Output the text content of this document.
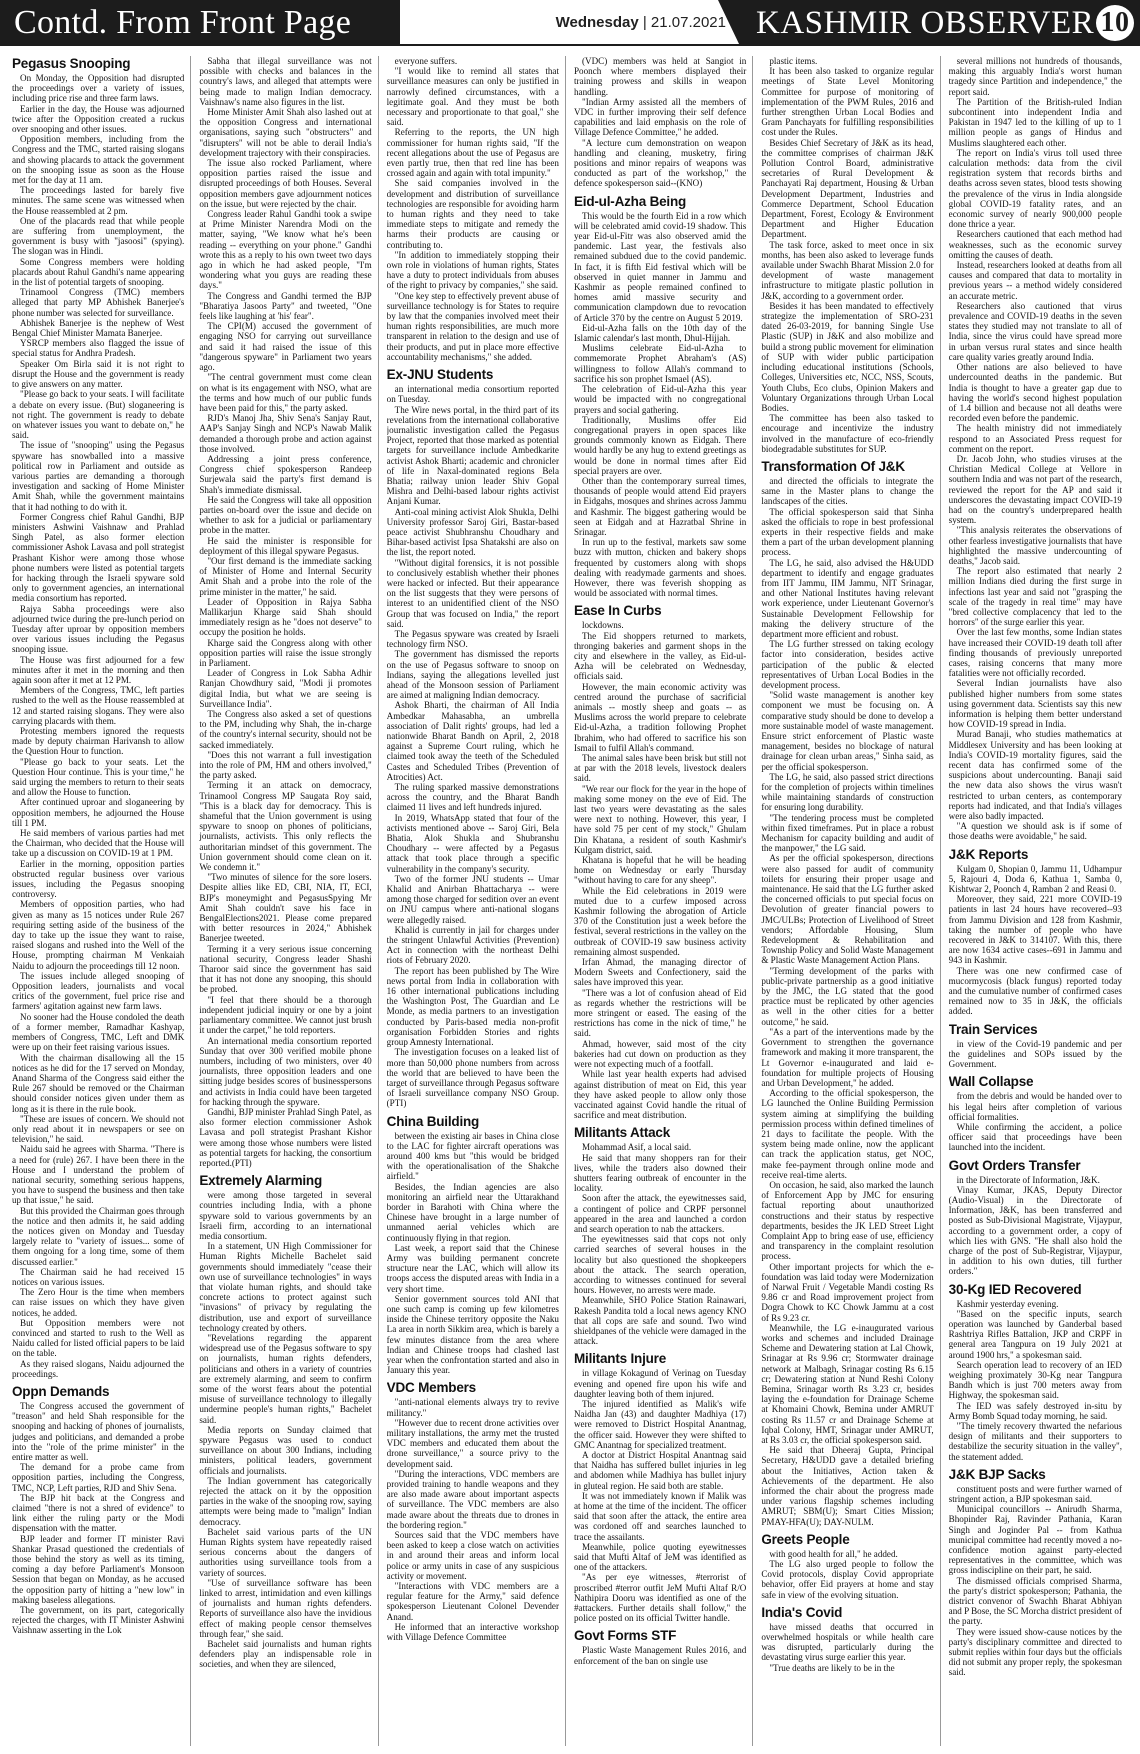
Contd. From Front Page	Wednesday | 21.07.2021 KASHMIR OBSERVER 10
Pegasus Snooping

On Monday, the Opposition had disrupted the proceedings over a variety of issues, including price rise and three farm laws.

Earlier in the day, the House was adjourned twice after the Opposition created a ruckus over snooping and other issues.

Opposition members, including from the Congress and the TMC, started raising slogans and showing placards to attack the government on the snooping issue as soon as the House met for the day at 11 am.

The proceedings lasted for barely five minutes. The same scene was witnessed when the House reassembled at 2 pm.

One of the placards read that while people are suffering from unemployment, the government is busy with "jasoosi" (spying). The slogan was in Hindi.

Some Congress members were holding placards about Rahul Gandhi's name appearing in the list of potential targets of snooping.

Trinamool Congress (TMC) members alleged that party MP Abhishek Banerjee's phone number was selected for surveillance.

Abhishek Banerjee is the nephew of West Bengal Chief Minister Mamata Banerjee.

YSRCP members also flagged the issue of special status for Andhra Pradesh.

Speaker Om Birla said it is not right to disrupt the House and the government is ready to give answers on any matter.

"Please go back to your seats. I will facilitate a debate on every issue. (But) sloganeering is not right. The government is ready to debate on whatever issues you want to debate on," he said.

The issue of "snooping" using the Pegasus spyware has snowballed into a massive political row in Parliament and outside as various parties are demanding a thorough investigation and sacking of Home Minister Amit Shah, while the government maintains that it had nothing to do with it.

Former Congress chief Rahul Gandhi, BJP ministers Ashwini Vaishnaw and Prahlad Singh Patel, as also former election commissioner Ashok Lavasa and poll strategist Prashant Kishor were among those whose phone numbers were listed as potential targets for hacking through the Israeli spyware sold only to government agencies, an international media consortium has reported.

Rajya Sabha proceedings were also adjourned twice during the pre-lunch period on Tuesday after uproar by opposition members over various issues including the Pegasus snooping issue.

The House was first adjourned for a few minutes after it met in the morning and then again soon after it met at 12 PM.

Members of the Congress, TMC, left parties rushed to the well as the House reassembled at 12 and started raising slogans. They were also carrying placards with them.

Protesting members ignored the requests made by deputy chairman Harivansh to allow the Question Hour to function.

"Please go back to your seats. Let the Question Hour continue. This is your time," he said urging the members to return to their seats and allow the House to function.

After continued uproar and sloganeering by opposition members, he adjourned the House till 1 PM.

He said members of various parties had met the Chairman, who decided that the House will take up a discussion on COVID-19 at 1 PM.

Earlier in the morning, opposition parties obstructed regular business over various issues, including the Pegasus snooping controversy.

Members of opposition parties, who had given as many as 15 notices under Rule 267 requiring setting aside of the business of the day to take up the issue they want to raise, raised slogans and rushed into the Well of the House, prompting chairman M Venkaiah Naidu to adjourn the proceedings till 12 noon.

The issues include alleged snooping of Opposition leaders, journalists and vocal critics of the government, fuel price rise and farmers' agitation against new farm laws.

No sooner had the House condoled the death of a former member, Ramadhar Kashyap, members of Congress, TMC, Left and DMK were up on their feet raising various issues.

With the chairman disallowing all the 15 notices as he did for the 17 served on Monday, Anand Sharma of the Congress said either the Rule 267 should be removed or the Chairman should consider notices given under them as long as it is there in the rule book.

"These are issues of concern. We should not only read about it in newspapers or see on television," he said.

Naidu said he agrees with Sharma. "There is a need for (rule) 267. I have been there in the House and I understand the problem of national security, something serious happens, you have to suspend the business and then take up that issue," he said.

But this provided the Chairman goes through the notice and then admits it, he said adding the notices given on Monday and Tuesday largely relate to "variety of issues... some of them ongoing for a long time, some of them discussed earlier."

The Chairman said he had received 15 notices on various issues.

The Zero Hour is the time when members can raise issues on which they have given notices, he added.

But Opposition members were not convinced and started to rush to the Well as Naidu called for listed official papers to be laid on the table.

As they raised slogans, Naidu adjourned the proceedings.

Oppn Demands

The Congress accused the government of "treason" and held Shah responsible for the snooping and hacking of phones of journalists, judges and politicians, and demanded a probe into the "role of the prime minister" in the entire matter as well.

The demand for a probe came from opposition parties, including the Congress, TMC, NCP, Left parties, RJD and Shiv Sena.

The BJP hit back at the Congress and claimed "there is not a shred of evidence" to link either the ruling party or the Modi dispensation with the matter.

BJP leader and former IT minister Ravi Shankar Prasad questioned the credentials of those behind the story as well as its timing, coming a day before Parliament's Monsoon Session that began on Monday, as he accused the opposition party of hitting a "new low" in making baseless allegations.

The government, on its part, categorically rejected the charges, with IT Minister Ashwini Vaishnaw asserting in the Lok

Sabha that illegal surveillance was not possible with checks and balances in the country's laws, and alleged that attempts were being made to malign Indian democracy. Vaishnaw's name also figures in the list.

Home Minister Amit Shah also lashed out at the opposition Congress and international organisations, saying such "obstructers" and "disrupters" will not be able to derail India's development trajectory with their conspiracies.

The issue also rocked Parliament, where opposition parties raised the issue and disrupted proceedings of both Houses. Several opposition members gave adjournment notices on the issue, but were rejected by the chair.

Congress leader Rahul Gandhi took a swipe at Prime Minister Narendra Modi on the matter, saying, "We know what he's been reading -- everything on your phone." Gandhi wrote this as a reply to his own tweet two days ago in which he had asked people, "I'm wondering what you guys are reading these days."

The Congress and Gandhi termed the BJP "Bharatiya Jasoos Party" and tweeted, "One feels like laughing at 'his' fear".

The CPI(M) accused the government of engaging NSO for carrying out surveillance and said it had raised the issue of this "dangerous spyware" in Parliament two years ago.

"The central government must come clean on what is its engagement with NSO, what are the terms and how much of our public funds have been paid for this," the party asked.

RJD's Manoj Jha, Shiv Sena's Sanjay Raut, AAP's Sanjay Singh and NCP's Nawab Malik demanded a thorough probe and action against those involved.

Addressing a joint press conference, Congress chief spokesperson Randeep Surjewala said the party's first demand is Shah's immediate dismissal.

He said the Congress will take all opposition parties on-board over the issue and decide on whether to ask for a judicial or parliamentary probe in the matter.

He said the minister is responsible for deployment of this illegal spyware Pegasus.

"Our first demand is the immediate sacking of Minister of Home and Internal Security Amit Shah and a probe into the role of the prime minister in the matter," he said.

Leader of Opposition in Rajya Sabha Mallikarjun Kharge said Shah should immediately resign as he "does not deserve" to occupy the position he holds.

Kharge said the Congress along with other opposition parties will raise the issue strongly in Parliament.

Leader of Congress in Lok Sabha Adhir Ranjan Chowdhury said, "Modi ji promotes digital India, but what we are seeing is Surveillance India".

The Congress also asked a set of questions to the PM, including why Shah, the in-charge of the country's internal security, should not be sacked immediately.

"Does this not warrant a full investigation into the role of PM, HM and others involved," the party asked.

Terming it an attack on democracy, Trinamool Congress MP Saugata Roy said, "This is a black day for democracy. This is shameful that the Union government is using spyware to snoop on phones of politicians, journalists, activists. This only reflects the authoritarian mindset of this government. The Union government should come clean on it. We condemn it."

"Two minutes of silence for the sore losers. Despite allies like ED, CBI, NIA, IT, ECI, BJP's moneymight and PegasusSpying Mr Amit Shah couldn't save his face in BengalElections2021. Please come prepared with better resources in 2024," Abhishek Banerjee tweeted.

Terming it a very serious issue concerning national security, Congress leader Shashi Tharoor said since the government has said that it has not done any snooping, this should be probed.

"I feel that there should be a thorough independent judicial inquiry or one by a joint parliamentary committee. We cannot just brush it under the carpet," he told reporters.

An international media consortium reported Sunday that over 300 verified mobile phone numbers, including of two ministers, over 40 journalists, three opposition leaders and one sitting judge besides scores of businesspersons and activists in India could have been targeted for hacking through the spyware.

Gandhi, BJP minister Prahlad Singh Patel, as also former election commissioner Ashok Lavasa and poll strategist Prashant Kishor were among those whose numbers were listed as potential targets for hacking, the consortium reported.(PTI)

Extremely Alarming

were among those targeted in several countries including India, with a phone spyware sold to various governments by an Israeli firm, according to an international media consortium.

In a statement, UN High Commissioner for Human Rights Michelle Bachelet said governments should immediately "cease their own use of surveillance technologies" in ways that violate human rights, and should take concrete actions to protect against such "invasions" of privacy by regulating the distribution, use and export of surveillance technology created by others.

"Revelations regarding the apparent widespread use of the Pegasus software to spy on journalists, human rights defenders, politicians and others in a variety of countries are extremely alarming, and seem to confirm some of the worst fears about the potential misuse of surveillance technology to illegally undermine people's human rights," Bachelet said.

Media reports on Sunday claimed that spyware Pegasus was used to conduct surveillance on about 300 Indians, including ministers, political leaders, government officials and journalists.

The Indian government has categorically rejected the attack on it by the opposition parties in the wake of the snooping row, saying attempts were being made to "malign" Indian democracy.

Bachelet said various parts of the UN Human Rights system have repeatedly raised serious concerns about the dangers of authorities using surveillance tools from a variety of sources.

"Use of surveillance software has been linked to arrest, intimidation and even killings of journalists and human rights defenders. Reports of surveillance also have the invidious effect of making people censor themselves through fear," she said.

Bachelet said journalists and human rights defenders play an indispensable role in societies, and when they are silenced,

everyone suffers.

"I would like to remind all states that surveillance measures can only be justified in narrowly defined circumstances, with a legitimate goal. And they must be both necessary and proportionate to that goal," she said.

Referring to the reports, the UN high commissioner for human rights said, "If the recent allegations about the use of Pegasus are even partly true, then that red line has been crossed again and again with total impunity."

She said companies involved in the development and distribution of surveillance technologies are responsible for avoiding harm to human rights and they need to take immediate steps to mitigate and remedy the harms their products are causing or contributing to.

"In addition to immediately stopping their own role in violations of human rights, States have a duty to protect individuals from abuses of the right to privacy by companies," she said.

"One key step to effectively prevent abuse of surveillance technology is for States to require by law that the companies involved meet their human rights responsibilities, are much more transparent in relation to the design and use of their products, and put in place more effective accountability mechanisms," she added.

Ex-JNU Students

an international media consortium reported on Tuesday.

The Wire news portal, in the third part of its revelations from the international collaborative journalistic investigation called the Pegasus Project, reported that those marked as potential targets for surveillance include Ambedkarite activist Ashok Bharti; academic and chronicler of life in Naxal-dominated regions Bela Bhatia; railway union leader Shiv Gopal Mishra and Delhi-based labour rights activist Anjani Kumar.

Anti-coal mining activist Alok Shukla, Delhi University professor Saroj Giri, Bastar-based peace activist Shubhranshu Choudhary and Bihar-based activist Ipsa Shatakshi are also on the list, the report noted.

"Without digital forensics, it is not possible to conclusively establish whether their phones were hacked or infected. But their appearance on the list suggests that they were persons of interest to an unidentified client of the NSO Group that was focused on India," the report said.

The Pegasus spyware was created by Israeli technology firm NSO.

The government has dismissed the reports on the use of Pegasus software to snoop on Indians, saying the allegations levelled just ahead of the Monsoon session of Parliament are aimed at maligning Indian democracy.

Ashok Bharti, the chairman of All India Ambedkar Mahasabha, an umbrella association of Dalit rights' groups, had led a nationwide Bharat Bandh on April, 2, 2018 against a Supreme Court ruling, which he claimed took away the teeth of the Scheduled Castes and Scheduled Tribes (Prevention of Atrocities) Act.

The ruling sparked massive demonstrations across the country, and the Bharat Bandh claimed 11 lives and left hundreds injured.

In 2019, WhatsApp stated that four of the activists mentioned above -- Saroj Giri, Bela Bhatia, Alok Shukla and Shubranshu Choudhary -- were affected by a Pegasus attack that took place through a specific vulnerability in the company's security.

Two of the former JNU students -- Umar Khalid and Anirban Bhattacharya -- were among those charged for sedition over an event on JNU campus where anti-national slogans were allegedly raised.

Khalid is currently in jail for charges under the stringent Unlawful Activities (Prevention) Act in connection with the northeast Delhi riots of February 2020.

The report has been published by The Wire news portal from India in collaboration with 16 other international publications including the Washington Post, The Guardian and Le Monde, as media partners to an investigation conducted by Paris-based media non-profit organisation Forbidden Stories and rights group Amnesty International.

The investigation focuses on a leaked list of more than 50,000 phone numbers from across the world that are believed to have been the target of surveillance through Pegasus software of Israeli surveillance company NSO Group. (PTI)

China Building

between the existing air bases in China close to the LAC for fighter aircraft operations was around 400 kms but "this would be bridged with the operationalisation of the Shakche airfield."

Besides, the Indian agencies are also monitoring an airfield near the Uttarakhand border in Barahoti with China where the Chinese have brought in a large number of unmanned aerial vehicles which are continuously flying in that region.

Last week, a report said that the Chinese Army was building permanent concrete structure near the LAC, which will allow its troops access the disputed areas with India in a very short time.

Senior government sources told ANI that one such camp is coming up few kilometres inside the Chinese territory opposite the Naku La area in north Sikkim area, which is barely a few minutes distance from the area where Indian and Chinese troops had clashed last year when the confrontation started and also in January this year.

VDC Members

"anti-national elements always try to revive militancy."

"However due to recent drone activities over military installations, the army met the trusted VDC members and educated them about the drone surveillance," a source privy to the development said.

"During the interactions, VDC members are provided training to handle weapons and they are also made aware about important aspects of surveillance. The VDC members are also made aware about the threats due to drones in the bordering region."

Sources said that the VDC members have been asked to keep a close watch on activities in and around their areas and inform local police or army units in case of any suspicious activity or movement.

"Interactions with VDC members are a regular feature for the Army," said defence spokesperson Lieutenant Colonel Devender Anand.

He informed that an interactive workshop with Village Defence Committee

(VDC) members was held at Sangiot in Poonch where members displayed their training prowess and skills in weapon handling.

"Indian Army assisted all the members of VDC in further improving their self defence capabilities and laid emphasis on the role of Village Defence Committee," he added.

"A lecture cum demonstration on weapon handling and cleaning, musketry, firing positions and minor repairs of weapons was conducted as part of the workshop," the defence spokesperson said--(KNO)

Eid-ul-Azha Being

This would be the fourth Eid in a row which will be celebrated amid covid-19 shadow. This year Eid-ul-Fitr was also observed amid the pandemic. Last year, the festivals also remained subdued due to the covid pandemic. In fact, it is fifth Eid festival which will be observed in quiet manner in Jammu and Kashmir as people remained confined to homes amid massive security and communication clampdown due to revocation of Article 370 by the centre on August 5 2019.

Eid-ul-Azha falls on the 10th day of the Islamic calendar's last month, Dhul-Hijjah.

Muslims celebrate Eid-ul-Azha to commemorate Prophet Abraham's (AS) willingness to follow Allah's command to sacrifice his son prophet Ismael (AS).

The celebration of Eid-ul-Azha this year would be impacted with no congregational prayers and social gathering.

Traditionally, Muslims offer Eid congregational prayers in open spaces like grounds commonly known as Eidgah. There would hardly be any hug to extend greetings as would be done in normal times after Eid special prayers are over.

Other than the contemporary surreal times, thousands of people would attend Eid prayers in Eidgahs, mosques and shrines across Jammu and Kashmir. The biggest gathering would be seen at Eidgah and at Hazratbal Shrine in Srinagar.

In run up to the festival, markets saw some buzz with mutton, chicken and bakery shops frequented by customers along with shops dealing with readymade garments and shoes. However, there was feverish shopping as would be associated with normal times.

Ease In Curbs

lockdowns.

The Eid shoppers returned to markets, thronging bakeries and garment shops in the city and elsewhere in the valley, as Eid-ul-Azha will be celebrated on Wednesday, officials said.

However, the main economic activity was centred around the purchase of sacrificial animals -- mostly sheep and goats -- as Muslims across the world prepare to celebrate Eid-ul-Azha, a tradition following Prophet Ibrahim, who had offered to sacrifice his son Ismail to fulfil Allah's command.

The animal sales have been brisk but still not at par with the 2018 levels, livestock dealers said.

"We rear our flock for the year in the hope of making some money on the eve of Eid. The last two years were devastating as the sales were next to nothing. However, this year, I have sold 75 per cent of my stock," Ghulam Din Khatana, a resident of south Kashmir's Kulgam district, said.

Khatana is hopeful that he will be heading home on Wednesday or early Thursday "without having to care for any sheep".

While the Eid celebrations in 2019 were muted due to a curfew imposed across Kashmir following the abrogation of Article 370 of the Constitution just a week before the festival, several restrictions in the valley on the outbreak of COVID-19 saw business activity remaining almost suspended.

Irfan Ahmad, the managing director of Modern Sweets and Confectionery, said the sales have improved this year.

"There was a lot of confusion ahead of Eid as regards whether the restrictions will be more stringent or eased. The easing of the restrictions has come in the nick of time," he said.

Ahmad, however, said most of the city bakeries had cut down on production as they were not expecting much of a footfall.

While last year health experts had advised against distribution of meat on Eid, this year they have asked people to allow only those vaccinated against Covid handle the ritual of sacrifice and meat distribution.

Militants Attack

Mohammad Asif, a local said.

He said that many shoppers ran for their lives, while the traders also downed their shutters fearing outbreak of encounter in the locality.

Soon after the attack, the eyewitnesses said, a contingent of police and CRPF personnel appeared in the area and launched a cordon and search operation to nab the attackers.

The eyewitnesses said that cops not only carried searches of several houses in the locality but also questioned the shopkeepers about the attack. The search operation, according to witnesses continued for several hours. However, no arrests were made.

Meanwhile, SHO Police Station Rainawari, Rakesh Pandita told a local news agency KNO that all cops are safe and sound. Two wind shieldpanes of the vehicle were damaged in the attack.

Militants Injure

in village Kokagund of Verinag on Tuesday evening and opened fire upon his wife and daughter leaving both of them injured.

The injured identified as Malik's wife Naidha Jan (43) and daughter Madhiya (17) were removed to District Hospital Anantnag, the officer said. However they were shifted to GMC Anantnag for specialized treatment.

A doctor at District Hospital Anantnag said that Naidha has suffered bullet injuries in leg and abdomen while Madhiya has bullet injury in gluteal region. He said both are stable.

It was not immediately known if Malik was at home at the time of the incident. The officer said that soon after the attack, the entire area was cordoned off and searches launched to trace the assailants.

Meanwhile, police quoting eyewitnesses said that Mufti Altaf of JeM was identified as one of the attackers.

"As per eye witnesses, #terrorist of proscribed #terror outfit JeM Mufti Altaf R/O Nathipira Dooru was identified as one of the #attackers. Further details shall follow," the police posted on its official Twitter handle.

Govt Forms STF

Plastic Waste Management Rules 2016, and enforcement of the ban on single use

plastic items.

It has been also tasked to organize regular meetings of State Level Monitoring Committee for purpose of monitoring of implementation of the PWM Rules, 2016 and further strengthen Urban Local Bodies and Gram Panchayats for fulfilling responsibilities cost under the Rules.

Besides Chief Secretary of J&K as its head, the committee comprises of chairman J&K Pollution Control Board, administrative secretaries of Rural Development & Panchayati Raj department, Housing & Urban Development Department, Industries and Commerce Department, School Education Department, Forest, Ecology & Environment Department and Higher Education Department.

The task force, asked to meet once in six months, has been also asked to leverage funds available under Swachh Bharat Mission 2.0 for development of waste management infrastructure to mitigate plastic pollution in J&K, according to a government order.

Besides it has been mandated to effectively strategize the implementation of SRO-231 dated 26-03-2019, for banning Single Use Plastic (SUP) in J&K and also mobilize and build a strong public movement for elimination of SUP with wider public participation including educational institutions (Schools, Colleges, Universities etc, NCC, NSS, Scouts, Youth Clubs, Eco clubs, Opinion Makers and Voluntary Organizations through Urban Local Bodies.

The committee has been also tasked to encourage and incentivize the industry involved in the manufacture of eco-friendly biodegradable substitutes for SUP.

Transformation Of J&K

and directed the officials to integrate the same in the Master plans to change the landscapes of the cities.

The official spokesperson said that Sinha asked the officials to rope in best professional experts in their respective fields and make them a part of the urban development planning process.

The LG, he said, also advised the H&UDD department to identify and engage graduates from IIT Jammu, IIM Jammu, NIT Srinagar, and other National Institutes having relevant work experience, under Lieutenant Governor's Sustainable Development Fellowship for making the delivery structure of the department more efficient and robust.

The LG further stressed on taking ecology factor into consideration, besides active participation of the public & elected representatives of Urban Local Bodies in the development process.

"Solid waste management is another key component we must be focusing on. A comparative study should be done to develop a more sustainable model of waste management. Ensure strict enforcement of Plastic waste management, besides no blockage of natural drainage for clean urban areas," Sinha said, as per the official spokesperson.

The LG, he said, also passed strict directions for the completion of projects within timelines while maintaining standards of construction for ensuring long durability.

"The tendering process must be completed within fixed timeframes. Put in place a robust Mechanism for capacity building and audit of the manpower," the LG said.

As per the official spokesperson, directions were also passed for audit of community toilets for ensuring their proper usage and maintenance. He said that the LG further asked the concerned officials to put special focus on Devolution of greater financial powers to JMC/ULBs; Protection of Livelihood of Street vendors; Affordable Housing, Slum Redevelopment & Rehabilitation and Township Policy and Solid Waste Management & Plastic Waste Management Action Plans.

"Terming development of the parks with public-private partnership as a good initiative by the JMC, the LG stated that the good practice must be replicated by other agencies as well in the other cities for a better outcome," he said.

"As a part of the interventions made by the Government to strengthen the governance framework and making it more transparent, the Lt Governor e-inaugurated and laid e-foundation for multiple projects of Housing and Urban Development," he added.

According to the official spokesperson, the LG launched the Online Building Permission system aiming at simplifying the building permission process within defined timelines of 21 days to facilitate the people. With the system being made online, now the applicant can track the application status, get NOC, make fee-payment through online mode and receive real-time alerts.

On occasion, he said, also marked the launch of Enforcement App by JMC for ensuring factual reporting about unauthorized constructions and their status by respective departments, besides the JK LED Street Light Complaint App to bring ease of use, efficiency and transparency in the complaint resolution process.

Other important projects for which the e-foundation was laid today were Modernization of Narwal Fruit / Vegetable Mandi costing Rs 9.86 cr and Road improvement project from Dogra Chowk to KC Chowk Jammu at a cost of Rs 9.23 cr.

Meanwhile, the LG e-inaugurated various works and schemes and included Drainage Scheme and Dewatering station at Lal Chowk, Srinagar at Rs 9.96 cr; Stormwater drainage network at Malbagh, Srinagar costing Rs 6.15 cr; Dewatering station at Nund Reshi Colony Bemina, Srinagar worth Rs 3.23 cr, besides laying the e-foundation for Drainage Scheme at Khomaini Chowk, Bemina under AMRUT costing Rs 11.57 cr and Drainage Scheme at Iqbal Colony, HMT, Srinagar under AMRUT, at Rs 3.03 cr, the official spokesperson said.

He said that Dheeraj Gupta, Principal Secretary, H&UDD gave a detailed briefing about the Initiatives, Action taken & Achievements of the department. He also informed the chair about the progress made under various flagship schemes including AMRUT; SBM(U); Smart Cities Mission; PMAY-HFA(U); DAY-NULM.

Greets People

with good health for all," he added.

The LG also urged people to follow the Covid protocols, display Covid appropriate behavior, offer Eid prayers at home and stay safe in view of the evolving situation.

India's Covid

have missed deaths that occurred in overwhelmed hospitals or while health care was disrupted, particularly during the devastating virus surge earlier this year.

"True deaths are likely to be in the

several millions not hundreds of thousands, making this arguably India's worst human tragedy since Partition and independence," the report said.

The Partition of the British-ruled Indian subcontinent into independent India and Pakistan in 1947 led to the killing of up to 1 million people as gangs of Hindus and Muslims slaughtered each other.

The report on India's virus toll used three calculation methods: data from the civil registration system that records births and deaths across seven states, blood tests showing the prevalence of the virus in India alongside global COVID-19 fatality rates, and an economic survey of nearly 900,000 people done thrice a year.

Researchers cautioned that each method had weaknesses, such as the economic survey omitting the causes of death.

Instead, researchers looked at deaths from all causes and compared that data to mortality in previous years -- a method widely considered an accurate metric.

Researchers also cautioned that virus prevalence and COVID-19 deaths in the seven states they studied may not translate to all of India, since the virus could have spread more in urban versus rural states and since health care quality varies greatly around India.

Other nations are also believed to have undercounted deaths in the pandemic. But India is thought to have a greater gap due to having the world's second highest population of 1.4 billion and because not all deaths were recorded even before the pandemic.

The health ministry did not immediately respond to an Associated Press request for comment on the report.

Dr. Jacob John, who studies viruses at the Christian Medical College at Vellore in southern India and was not part of the research, reviewed the report for the AP and said it underscores the devastating impact COVID-19 had on the country's underprepared health system.

"This analysis reiterates the observations of other fearless investigative journalists that have highlighted the massive undercounting of deaths," Jacob said.

The report also estimated that nearly 2 million Indians died during the first surge in infections last year and said not "grasping the scale of the tragedy in real time" may have "bred collective complacency that led to the horrors" of the surge earlier this year.

Over the last few months, some Indian states have increased their COVID-19 death toll after finding thousands of previously unreported cases, raising concerns that many more fatalities were not officially recorded.

Several Indian journalists have also published higher numbers from some states using government data. Scientists say this new information is helping them better understand how COVID-19 spread in India.

Murad Banaji, who studies mathematics at Middlesex University and has been looking at India's COVID-19 mortality figures, said the recent data has confirmed some of the suspicions about undercounting. Banaji said the new data also shows the virus wasn't restricted to urban centers, as contemporary reports had indicated, and that India's villages were also badly impacted.

"A question we should ask is if some of those deaths were avoidable," he said.

J&K Reports

Kulgam 0, Shopian 0, Jammu 11, Udhampur 5, Rajouri 4, Doda 6, Kathua 1, Samba 0, Kishtwar 2, Poonch 4, Ramban 2 and Reasi 0.

Moreover, they said, 221 more COVID-19 patients in last 24 hours have recovered--93 from Jammu Division and 128 from Kashmir, taking the number of people who have recovered in J&K to 314107. With this, there are now 1634 active cases--691 in Jammu and 943 in Kashmir.

There was one new confirmed case of mucormycosis (black fungus) reported today and the cumulative number of confirmed cases remained now to 35 in J&K, the officials added.

Train Services

in view of the Covid-19 pandemic and per the guidelines and SOPs issued by the Government.

Wall Collapse

from the debris and would be handed over to his legal heirs after completion of various official formalities.

While confirming the accident, a police officer said that proceedings have been launched into the incident.

Govt Orders Transfer

in the Directorate of Information, J&K.

Vinay Kumar, JKAS, Deputy Director (Audio-Visual) in the Directorate of Information, J&K, has been transferred and posted as Sub-Divisional Magistrate, Vijaypur, according to a government order, a copy of which lies with GNS. "He shall also hold the charge of the post of Sub-Registrar, Vijaypur, in addition to his own duties, till further orders."

30-Kg IED Recovered

Kashmir yesterday evening.

"Based on the specific inputs, search operation was launched by Ganderbal based Rashtriya Rifles Battalion, JKP and CRPF in general area Tangpura on 19 July 2021 at around 1900 hrs," a spokesman said.

Search operation lead to recovery of an IED weighing proximately 30-Kg near Tangpura Bandh which is just 700 meters away from Highway, the spokesman said.

The IED was safely destroyed in-situ by Army Bomb Squad today morning, he said.

"The timely recovery thwarted the nefarious design of militants and their supporters to destabilize the security situation in the valley", the statement added.

J&K BJP Sacks

constituent posts and were further warned of stringent action, a BJP spokesman said.

Municipal councillors -- Anirudh Sharma, Bhopinder Raj, Ravinder Pathania, Karan Singh and Joginder Pal -- from Kathua municipal committee had recently moved a no-confidence motion against party-elected representatives in the committee, which was gross indiscipline on their part, he said.

The dismissed officials comprised Sharma, the party's district spokesperson; Pathania, the district convenor of Swachh Bharat Abhiyan and P Bose, the SC Morcha district president of the party.

They were issued show-cause notices by the party's disciplinary committee and directed to submit replies within four days but the officials did not submit any proper reply, the spokesman said.
